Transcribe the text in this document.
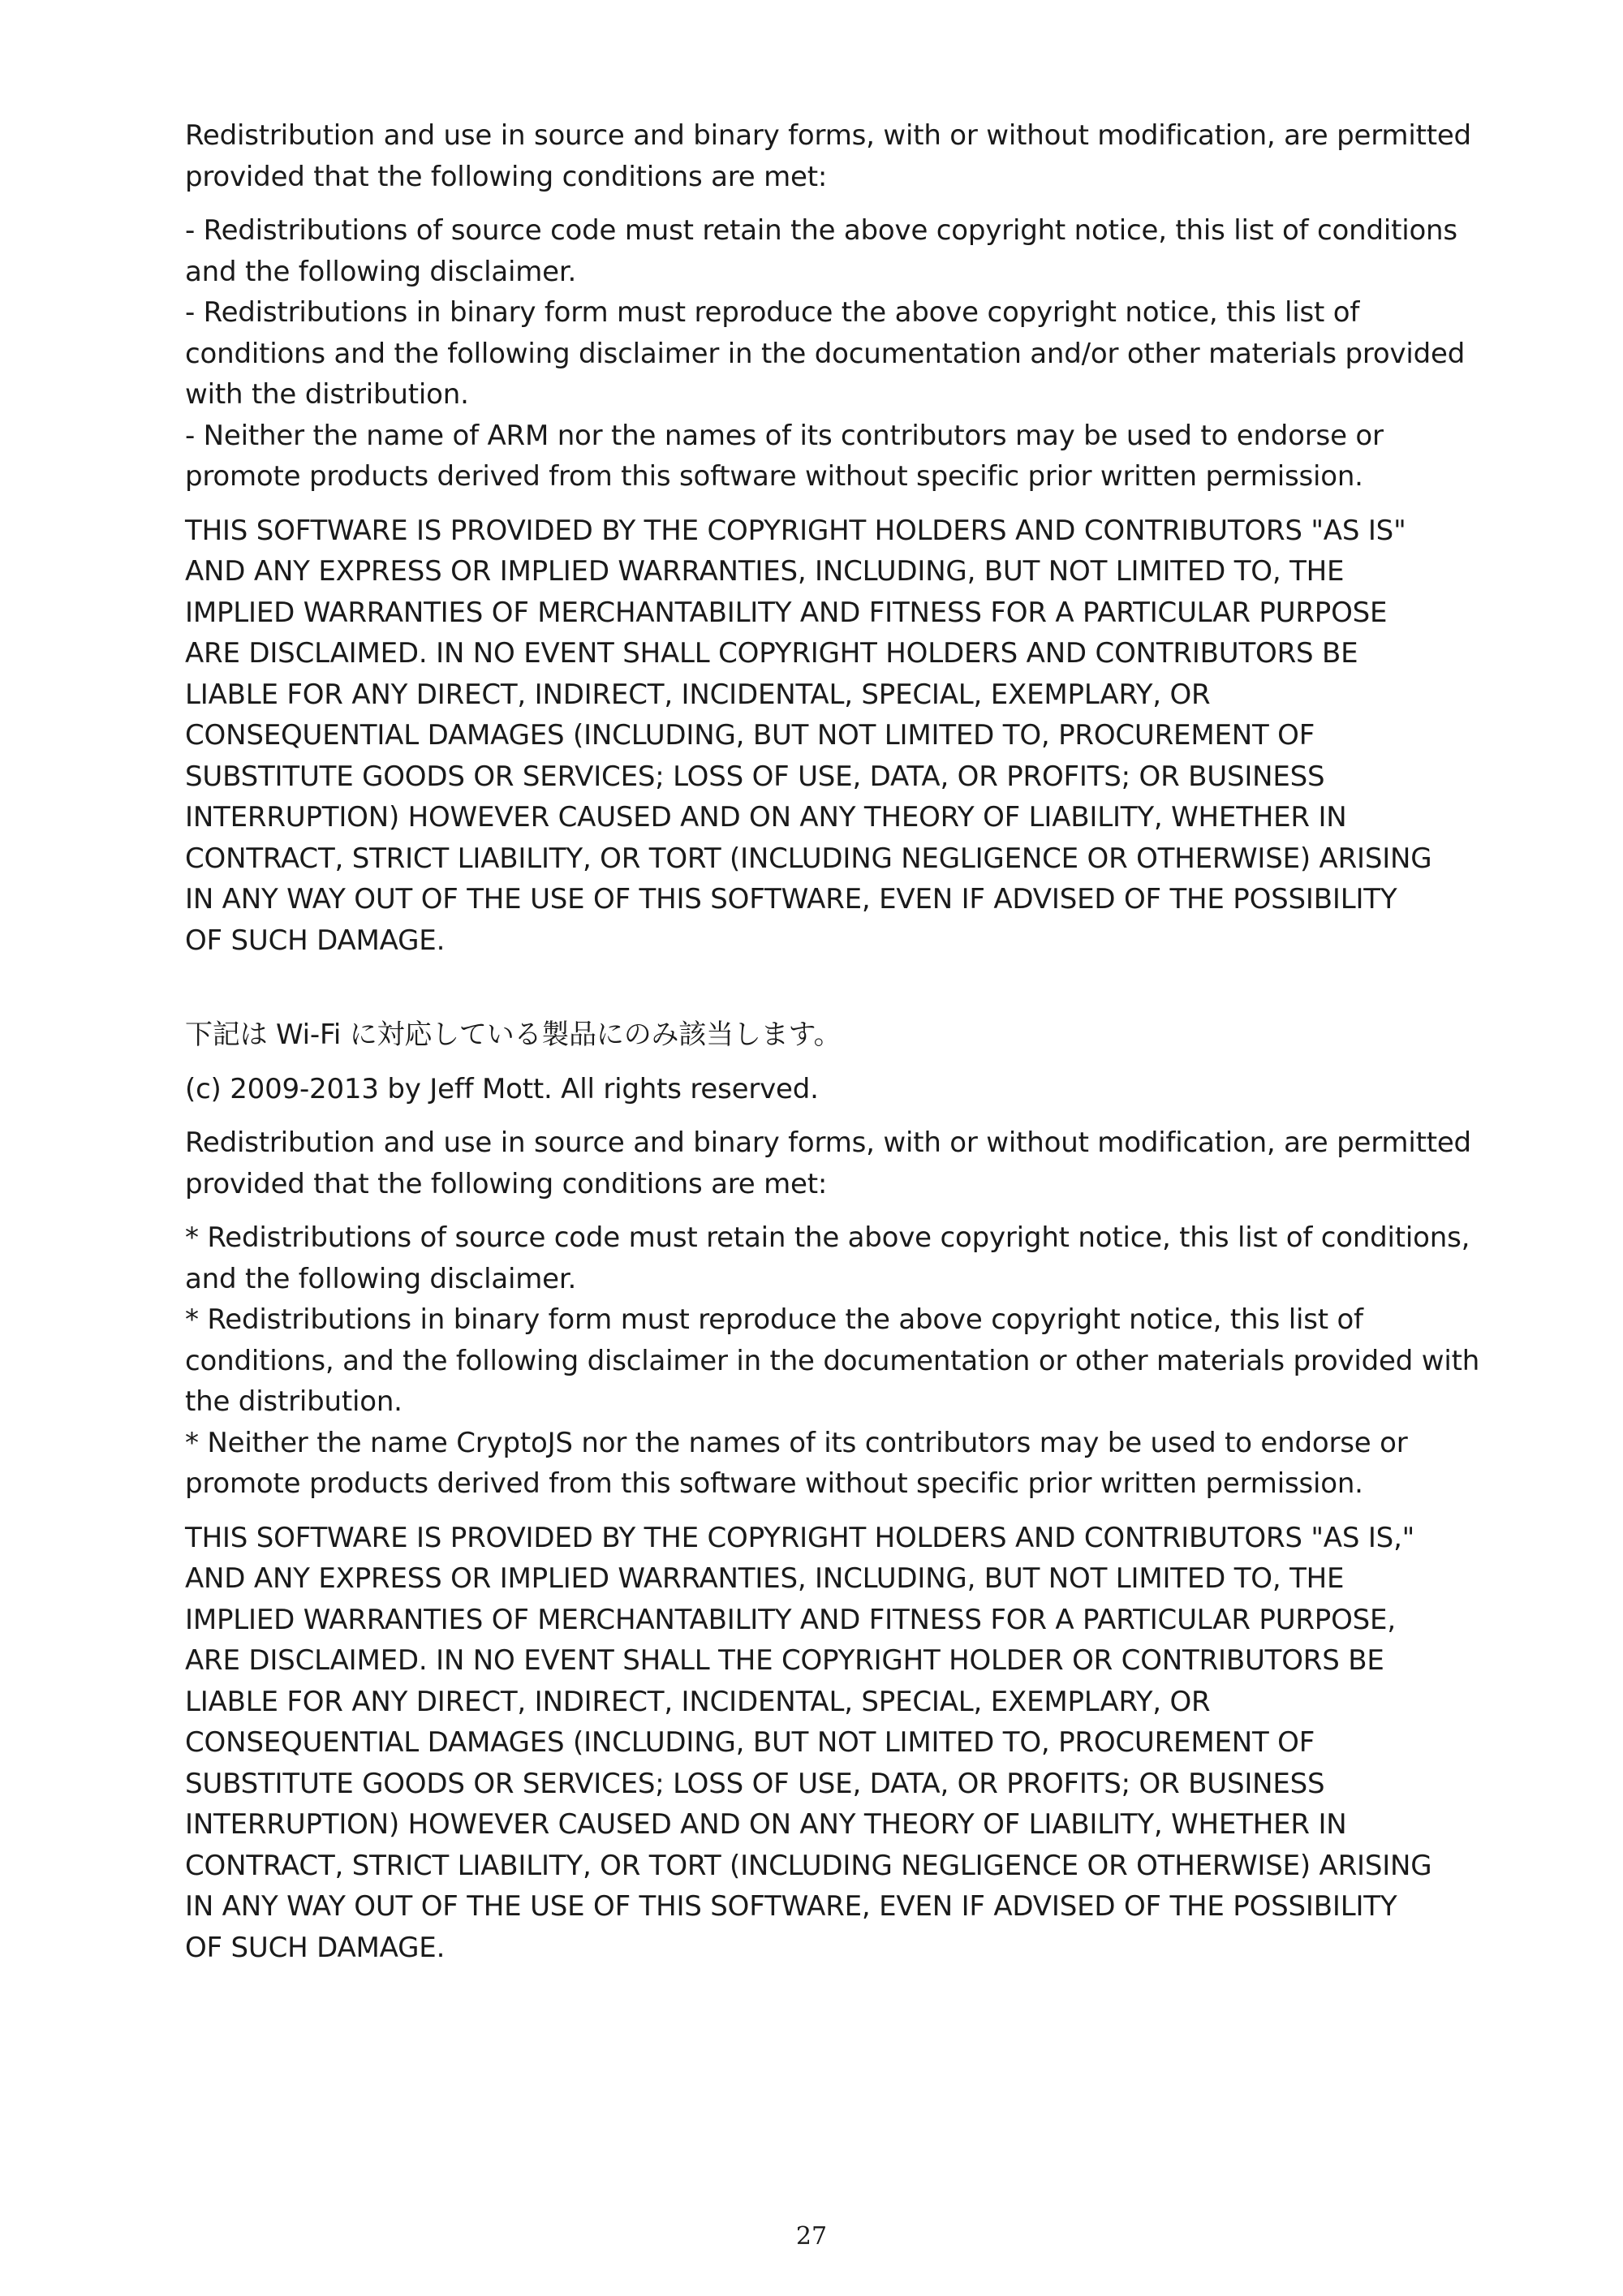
Redistribution and use in source and binary forms, with or without modification, are permitted
provided that the following conditions are met:

- Redistributions of source code must retain the above copyright notice, this list of conditions
and the following disclaimer.
- Redistributions in binary form must reproduce the above copyright notice, this list of
conditions and the following disclaimer in the documentation and/or other materials provided
with the distribution.
- Neither the name of ARM nor the names of its contributors may be used to endorse or
promote products derived from this software without specific prior written permission.

THIS SOFTWARE IS PROVIDED BY THE COPYRIGHT HOLDERS AND CONTRIBUTORS "AS IS"
AND ANY EXPRESS OR IMPLIED WARRANTIES, INCLUDING, BUT NOT LIMITED TO, THE
IMPLIED WARRANTIES OF MERCHANTABILITY AND FITNESS FOR A PARTICULAR PURPOSE
ARE DISCLAIMED. IN NO EVENT SHALL COPYRIGHT HOLDERS AND CONTRIBUTORS BE
LIABLE FOR ANY DIRECT, INDIRECT, INCIDENTAL, SPECIAL, EXEMPLARY, OR
CONSEQUENTIAL DAMAGES (INCLUDING, BUT NOT LIMITED TO, PROCUREMENT OF
SUBSTITUTE GOODS OR SERVICES; LOSS OF USE, DATA, OR PROFITS; OR BUSINESS
INTERRUPTION) HOWEVER CAUSED AND ON ANY THEORY OF LIABILITY, WHETHER IN
CONTRACT, STRICT LIABILITY, OR TORT (INCLUDING NEGLIGENCE OR OTHERWISE) ARISING
IN ANY WAY OUT OF THE USE OF THIS SOFTWARE, EVEN IF ADVISED OF THE POSSIBILITY
OF SUCH DAMAGE.

下記は Wi-Fi に対応している製品にのみ該当します。

(c) 2009-2013 by Jeff Mott. All rights reserved.

Redistribution and use in source and binary forms, with or without modification, are permitted
provided that the following conditions are met:

* Redistributions of source code must retain the above copyright notice, this list of conditions,
and the following disclaimer.
* Redistributions in binary form must reproduce the above copyright notice, this list of
conditions, and the following disclaimer in the documentation or other materials provided with
the distribution.
* Neither the name CryptoJS nor the names of its contributors may be used to endorse or
promote products derived from this software without specific prior written permission.

THIS SOFTWARE IS PROVIDED BY THE COPYRIGHT HOLDERS AND CONTRIBUTORS "AS IS,"
AND ANY EXPRESS OR IMPLIED WARRANTIES, INCLUDING, BUT NOT LIMITED TO, THE
IMPLIED WARRANTIES OF MERCHANTABILITY AND FITNESS FOR A PARTICULAR PURPOSE,
ARE DISCLAIMED. IN NO EVENT SHALL THE COPYRIGHT HOLDER OR CONTRIBUTORS BE
LIABLE FOR ANY DIRECT, INDIRECT, INCIDENTAL, SPECIAL, EXEMPLARY, OR
CONSEQUENTIAL DAMAGES (INCLUDING, BUT NOT LIMITED TO, PROCUREMENT OF
SUBSTITUTE GOODS OR SERVICES; LOSS OF USE, DATA, OR PROFITS; OR BUSINESS
INTERRUPTION) HOWEVER CAUSED AND ON ANY THEORY OF LIABILITY, WHETHER IN
CONTRACT, STRICT LIABILITY, OR TORT (INCLUDING NEGLIGENCE OR OTHERWISE) ARISING
IN ANY WAY OUT OF THE USE OF THIS SOFTWARE, EVEN IF ADVISED OF THE POSSIBILITY
OF SUCH DAMAGE.

27
